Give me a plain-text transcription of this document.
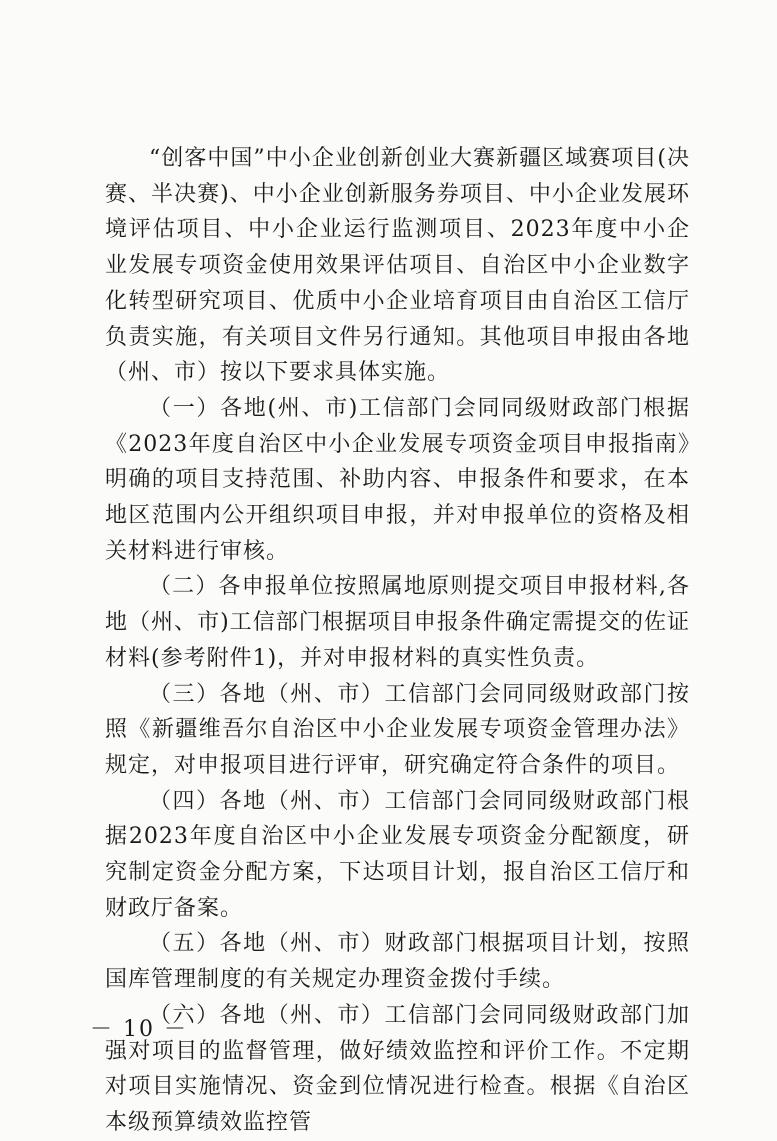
“创客中国”中小企业创新创业大赛新疆区域赛项目(决赛、半决赛)、中小企业创新服务券项目、中小企业发展环境评估项目、中小企业运行监测项目、2023年度中小企业发展专项资金使用效果评估项目、自治区中小企业数字化转型研究项目、优质中小企业培育项目由自治区工信厅负责实施，有关项目文件另行通知。其他项目申报由各地（州、市）按以下要求具体实施。

（一）各地(州、市)工信部门会同同级财政部门根据《2023年度自治区中小企业发展专项资金项目申报指南》明确的项目支持范围、补助内容、申报条件和要求，在本地区范围内公开组织项目申报，并对申报单位的资格及相关材料进行审核。

（二）各申报单位按照属地原则提交项目申报材料,各地（州、市)工信部门根据项目申报条件确定需提交的佐证材料(参考附件1)，并对申报材料的真实性负责。

（三）各地（州、市）工信部门会同同级财政部门按照《新疆维吾尔自治区中小企业发展专项资金管理办法》规定，对申报项目进行评审，研究确定符合条件的项目。

（四）各地（州、市）工信部门会同同级财政部门根据2023年度自治区中小企业发展专项资金分配额度，研究制定资金分配方案，下达项目计划，报自治区工信厅和财政厅备案。

（五）各地（州、市）财政部门根据项目计划，按照国库管理制度的有关规定办理资金拨付手续。

（六）各地（州、市）工信部门会同同级财政部门加强对项目的监督管理，做好绩效监控和评价工作。不定期对项目实施情况、资金到位情况进行检查。根据《自治区本级预算绩效监控管

－ 10 －
